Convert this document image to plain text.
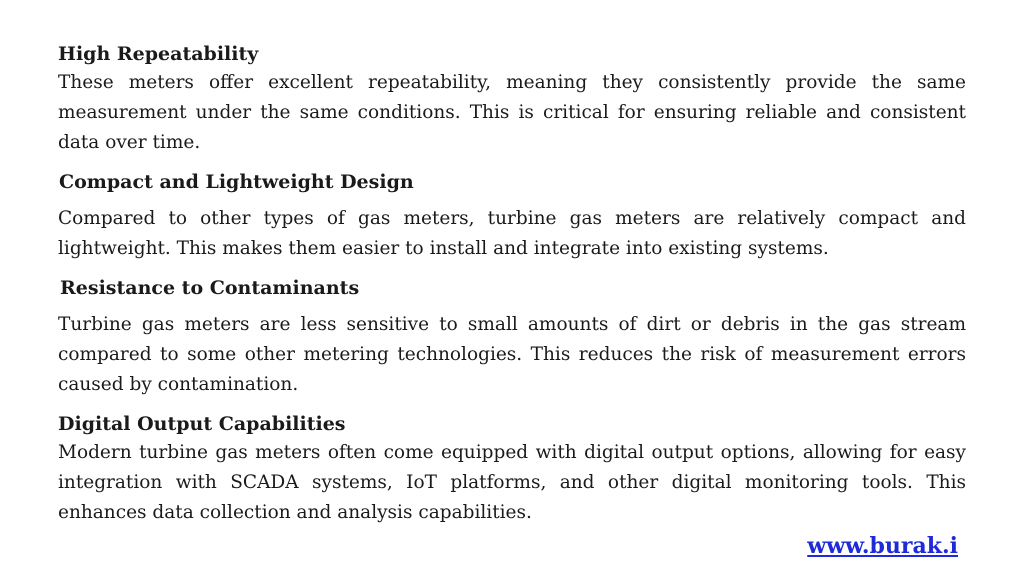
High Repeatability

These meters offer excellent repeatability, meaning they consistently provide the same measurement under the same conditions. This is critical for ensuring reliable and consistent data over time.

Compact and Lightweight Design

Compared to other types of gas meters, turbine gas meters are relatively compact and lightweight. This makes them easier to install and integrate into existing systems.

Resistance to Contaminants

Turbine gas meters are less sensitive to small amounts of dirt or debris in the gas stream compared to some other metering technologies. This reduces the risk of measurement errors caused by contamination.

Digital Output Capabilities

Modern turbine gas meters often come equipped with digital output options, allowing for easy integration with SCADA systems, IoT platforms, and other digital monitoring tools. This enhances data collection and analysis capabilities.

www.burak.i
